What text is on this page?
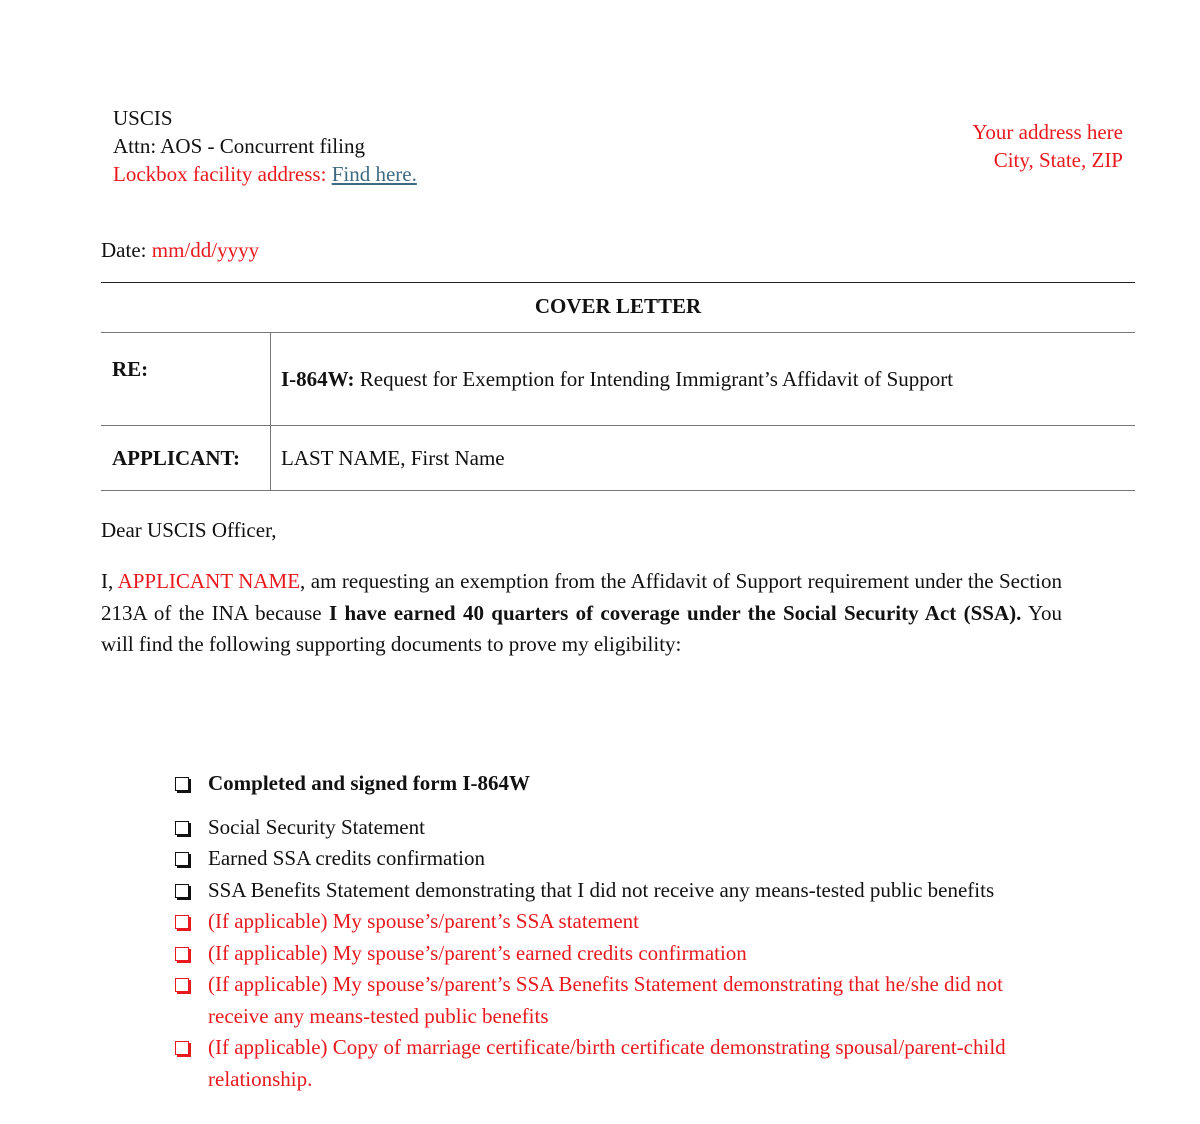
USCIS
Attn: AOS - Concurrent filing
Lockbox facility address: Find here.
Your address here
City, State, ZIP
Date: mm/dd/yyyy
COVER LETTER	
RE:	I-864W: Request for Exemption for Intending Immigrant’s Affidavit of Support
APPLICANT:	LAST NAME, First Name
Dear USCIS Officer,
I, APPLICANT NAME, am requesting an exemption from the Affidavit of Support requirement under the Section 213A of the INA because I have earned 40 quarters of coverage under the Social Security Act (SSA). You will find the following supporting documents to prove my eligibility:
Completed and signed form I-864W
Social Security Statement
Earned SSA credits confirmation
SSA Benefits Statement demonstrating that I did not receive any means-tested public benefits
(If applicable) My spouse’s/parent’s SSA statement
(If applicable) My spouse’s/parent’s earned credits confirmation
(If applicable) My spouse’s/parent’s SSA Benefits Statement demonstrating that he/she did not receive any means-tested public benefits
(If applicable) Copy of marriage certificate/birth certificate demonstrating spousal/parent-child relationship.
